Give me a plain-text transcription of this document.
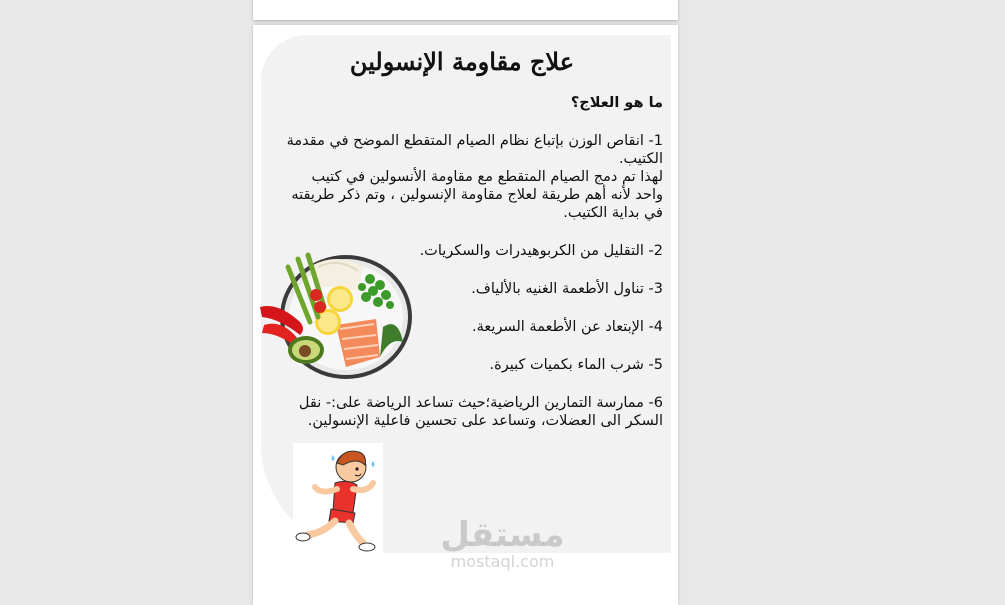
علاج مقاومة الإنسولين
ما هو العلاج؟

1- انقاص الوزن بإتباع نظام الصيام المتقطع الموضح في مقدمة الكتيب.

لهذا تم دمج الصيام المتقطع مع مقاومة الأنسولين في كتيب واحد لأنه أهم طريقة لعلاج مقاومة الإنسولين ، وتم ذكر طريقته في بداية الكتيب.

2- التقليل من الكربوهيدرات والسكريات.
3- تناول الأطعمة الغنيه بالألياف.
4- الإبتعاد عن الأطعمة السريعة.
5- شرب الماء بكميات كبيرة.
6- ممارسة التمارين الرياضية؛حيث تساعد الرياضة على:- نقل السكر الى العضلات، وتساعد على تحسين فاعلية الإنسولين.
مستقل
mostaql.com
